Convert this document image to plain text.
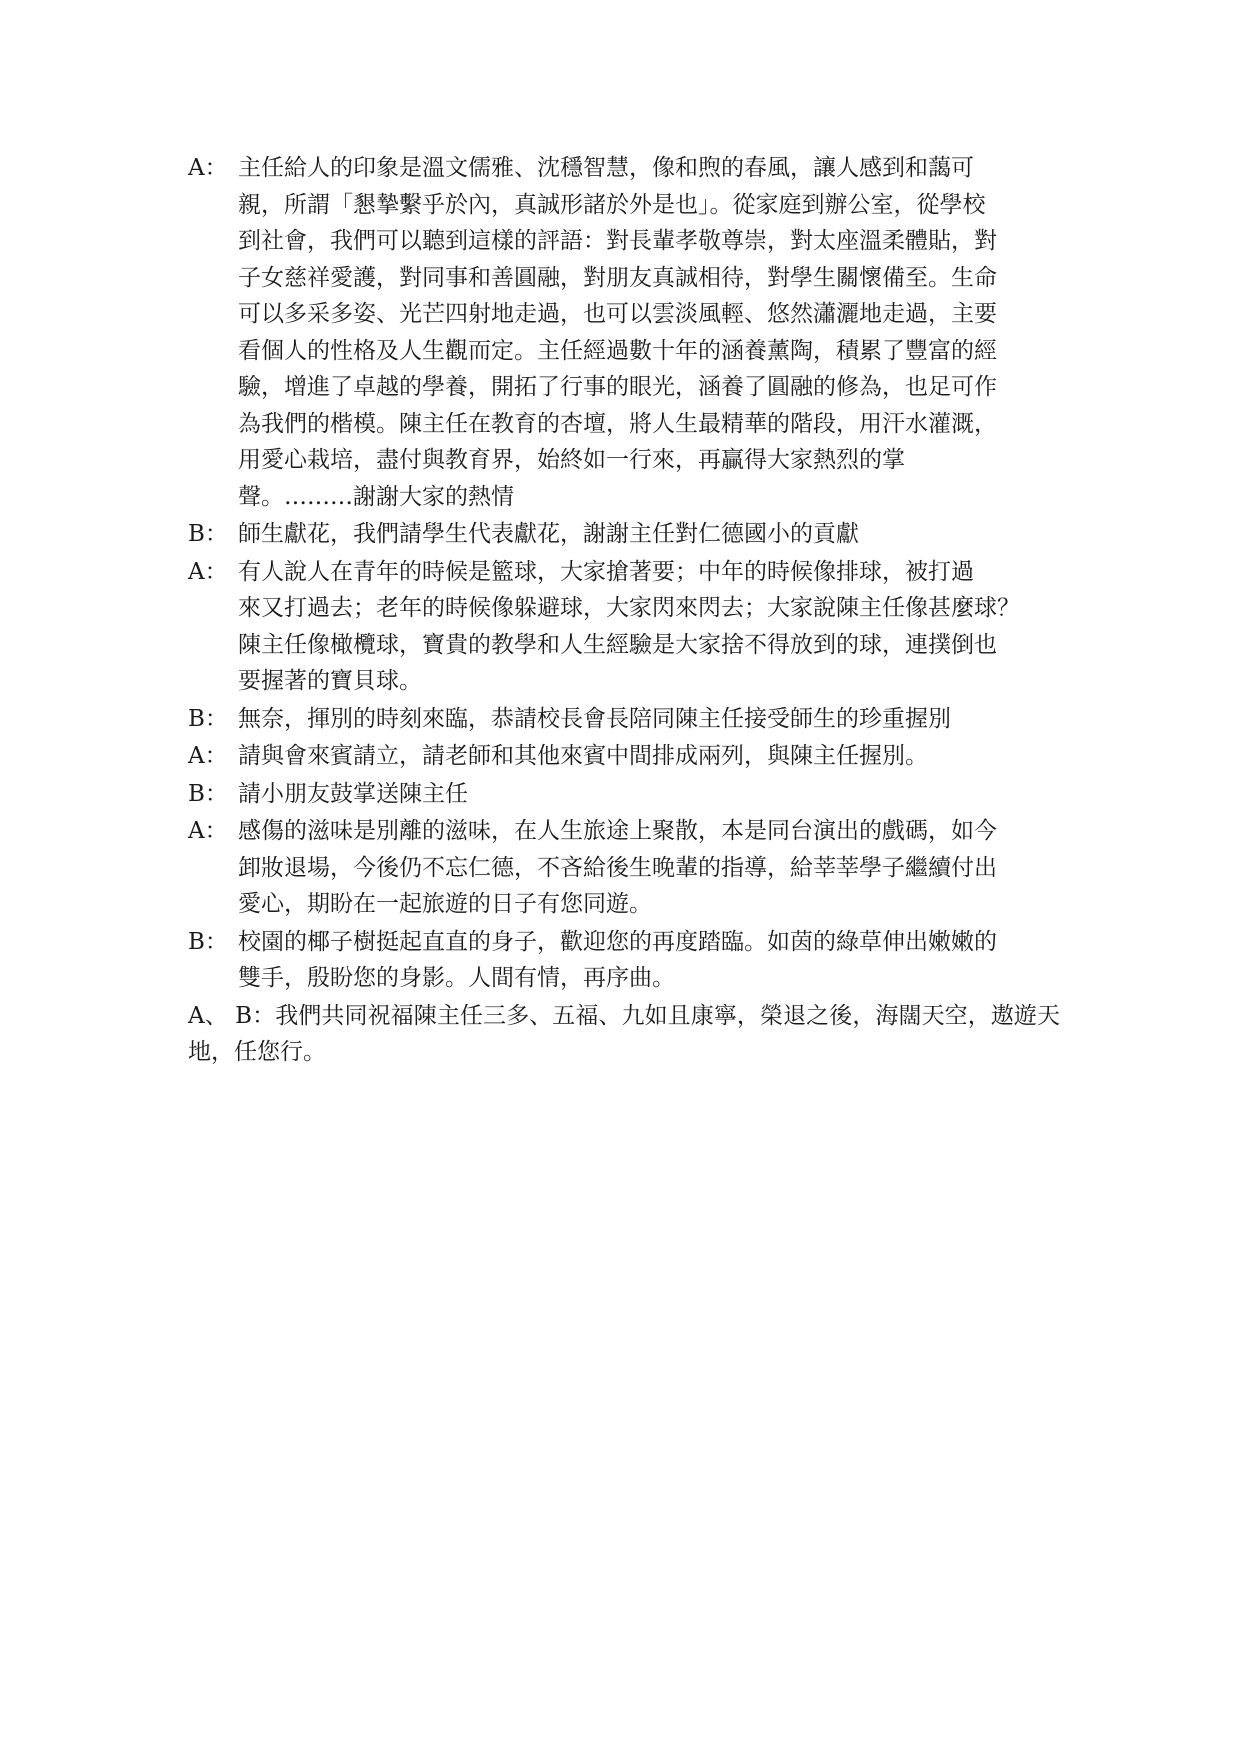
A： 主任給人的印象是溫文儒雅、沈穩智慧，像和煦的春風，讓人感到和藹可
親，所謂「懇摯繫乎於內，真誠形諸於外是也」。從家庭到辦公室，從學校
到社會，我們可以聽到這樣的評語：對長輩孝敬尊崇，對太座溫柔體貼，對
子女慈祥愛護，對同事和善圓融，對朋友真誠相待，對學生關懷備至。生命
可以多采多姿、光芒四射地走過，也可以雲淡風輕、悠然瀟灑地走過，主要
看個人的性格及人生觀而定。主任經過數十年的涵養薰陶，積累了豐富的經
驗，增進了卓越的學養，開拓了行事的眼光，涵養了圓融的修為，也足可作
為我們的楷模。陳主任在教育的杏壇，將人生最精華的階段，用汗水灌溉，
用愛心栽培，盡付與教育界，始終如一行來，再贏得大家熱烈的掌
聲。………謝謝大家的熱情
B： 師生獻花，我們請學生代表獻花，謝謝主任對仁德國小的貢獻
A： 有人說人在青年的時候是籃球，大家搶著要；中年的時候像排球，被打過
來又打過去；老年的時候像躲避球，大家閃來閃去；大家說陳主任像甚麼球？
陳主任像橄欖球，寶貴的教學和人生經驗是大家捨不得放到的球，連撲倒也
要握著的寶貝球。
B： 無奈，揮別的時刻來臨，恭請校長會長陪同陳主任接受師生的珍重握別
A： 請與會來賓請立，請老師和其他來賓中間排成兩列，與陳主任握別。
B： 請小朋友鼓掌送陳主任
A： 感傷的滋味是別離的滋味，在人生旅途上聚散，本是同台演出的戲碼，如今
卸妝退場，今後仍不忘仁德，不吝給後生晚輩的指導，給莘莘學子繼續付出
愛心，期盼在一起旅遊的日子有您同遊。
B： 校園的椰子樹挺起直直的身子，歡迎您的再度踏臨。如茵的綠草伸出嫩嫩的
雙手，殷盼您的身影。人間有情，再序曲。
A、 B：我們共同祝福陳主任三多、五福、九如且康寧，榮退之後，海闊天空，遨遊天地，任您行。
